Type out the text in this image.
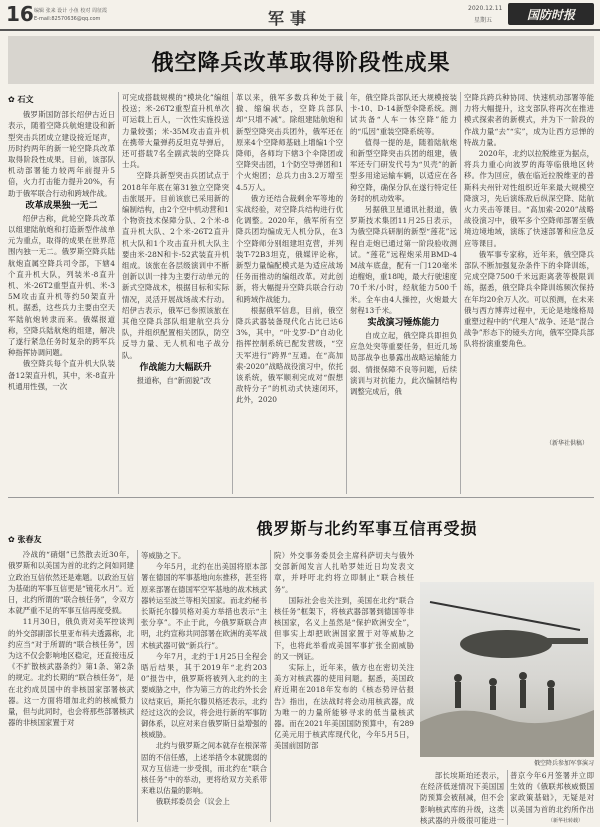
16 编辑 张来 设计 小鱼 校对 周征霞
E-mail:82570636@qq.com	军事
2020.12.11
星期五	国防时报
俄空降兵改革取得阶段性成果
✿ 石文

俄罗斯国防部长绍伊古近日表示，随着空降兵航炮建设和新型突击兵团成立建设接近尾声，历时约两年的新一轮空降兵改革取得阶段性成果。目前，该部队机动部署能力较两年前提升5倍，火力打击能力提升20%，有助于俄军联合行动和跨域作战。

改革成果独一无二

绍伊古称，此轮空降兵改革以组建陆航炮和打造新型作战单元为重点，取得的成果在世界范围内独一无二。俄罗斯空降兵陆航炮直属空降兵司令部，下辖4个直升机大队，列装米-8直升机、米-26T2重型直升机、米-35M攻击直升机等约50架直升机。据悉，这些兵力主要由空天军陆航炮转隶而来。俄媒报道称，空降兵陆航炮的组建，解决了遂行紧急任务时复杂的跨军兵种指挥协调问题。

俄空降兵每个直升机大队装备12架直升机，其中，米-8直升机通用性强，一次

可完成搭载规模的“模块化”编组投送；米-26T2重型直升机单次可运载上百人，一次性实施投送力量较强；米-35M攻击直升机在携带大量弹药反坦克导弹后，还可搭载7名全副武装的空降兵士兵。

空降兵新型突击兵团试点于2018年年底在第31独立空降突击旅展开。目前该旅已采用新的编制结构，由2个空中机动营和1个物资技术保障分队、2个米-8直升机大队、2个米-26T2直升机大队和1个攻击直升机大队主要由米-28N和卡-52武装直升机组成。该旅在各层级演训中不断创新以训一排为主要行动单元的新式空降战术，根据目标和实际情况，灵活开展战场战术行动。绍伊古表示，俄军已参照该旅在其他空降兵部队组建航空兵分队，并组织配置相关团队，防空反导力量、无人机和电子战分队。

作战能力大幅跃升

报道称，自“新面貌”改

革以来，俄军多数兵种处于裁撤、缩编状态，空降兵部队却“只增不减”。除组建陆航炮和新型空降突击兵团外，俄军还在原来4个空降师基础上增编1个空降师，各师均下辖3个伞降团或空降突击团，1个防空导弹团和1个火炮团；总兵力由3.2万增至4.5万人。

俄方还结合裁剩余军等地的实战经验，对空降兵结构进行优化调整。2020年，俄军所有空降兵团均编成无人机分队，在3个空降师分别组建坦克营，并列装T-72B3坦克，俄媒评论称，新型力量编配模式是为适应战场任务而推动的编组改革。对此创新，将大幅提升空降兵联合行动和跨域作战能力。

根据俄军信息，目前，俄空降兵武器装备现代化占比已达63%，其中，“叶戈罗-D”自动化指挥控制系统已配发营级，“空天军进行”跨界“互通。在“高加索-2020”战略战役演习中，依托该系统，俄军顺利完成对“假想敌特分子”的机动式快速闭环，此外，2020

年，俄空降兵部队还大规模接装卡-10、D-14新型伞降系统。测试共备“人车一体空降”能力的“瓜因”重装空降系统等。

值得一提的是，随着陆航炮和新型空降突击兵团的组建，俄军还专门研发代号为“贝壳”的新型多用途运输车辆，以适应在各种空降，确保分队在遂行特定任务时的机动效率。

另据俄卫星通讯社报道，俄罗斯技术集团11月25日表示，为俄空降兵研制的新型“莲花”远程自走炮已通过第一阶段验收测试。“莲花”远程炮采用BMD-4M战车底盘，配有一门120毫米迫榴炮，重18吨，最大行驶速度70千米/小时，经航能力500千米。全车由4人操控，火炮最大射程13千米。

实战演习锤炼能力

自成立起，俄空降兵即担负应急处突等重要任务，但近几场局部战争也暴露出战略运输能力弱、情报保障不良等问题，后续演训与对抗能力，此次编制结构调整完成后，俄

空降兵跨兵种协同、快速机动部署等能力将大幅提升，这支部队将再次在推进模式探索者的新模式，并为下一阶段的作战力量“去”“实”，成为让西方忌惮的特战力量。

2020年，北约以拉脱维亚为据点，将兵力重心向波罗的海等临俄地区转移。作为回应，俄在临近拉脱维亚的普斯科夫州针对性组织近年来最大规模空降演习，先后演练敌后纵深空降、陆航火力夹击等课目。“高加索-2020”战略战役演习中，俄军多个空降师部署至俄境边境地域，演练了快速部署和应急反应等课目。

俄军事专家称，近年来，俄空降兵部队不断加强复杂条件下的伞降训练，完成空降7500千米远距离袭等极限训练，据悉，俄空降兵伞降训练频次保持在年均20余万人次。可以预测，在未来俄与西方博弈过程中，无论是地缘格局重塑过程中的“代理人”战争、还是“混合战争”形态下的镜头方向，俄军空降兵部队将扮演重要角色。

（新华社供稿）
俄罗斯与北约军事互信再受损
✿ 张春友

冷战的“硝烟”已然散去近30年，俄罗斯和以美国为首的北约之间如同建立政治互信依然还是难题。以政治互信为基础的军事互信更是“镜花水月”。近日，北约所谓的“联合核任务”，令双方本就严重不足的军事互信再度受损。

11月30日，俄负责对美军控谈判的外交部副部长里亚布科夫透露称，北约应当“对于所谓的“联合核任务”，因为这不仅会影响地区稳定，还直接违反《不扩散核武器条约》第1条、第2条的规定。北约长期的“联合核任务”，是在北约成员国中的非核国家部署核武器。这一方面将增加北约的核威慑力量，但与此同时，也会将那些部署核武器的非核国家置于对

等威胁之下。

今年5月，北约在出美国将原本部署在德国的军事基地向东推移，甚至将原来部署在德国军空军基地的战术核武器转运至波兰等相关国家。而北约秘书长斯托尔滕贝格对美方举措也表示“主张分享”。不止于此，今俄罗斯联合声明，北约宣称共同部署在欧洲的美军战术核武器可做“新兵行”。

今年7月，北约于1月25日全程会晤后结果，其于2019年“北约2030”报告中，俄罗斯将被列入北约的主要威胁之中，作为第三方的北约外长会议结束后，斯托尔滕贝格还表示，北约经过这次的会议，将会进行新的军事防御体系，以应对来自俄罗斯日益增强的核威胁。

北约与俄罗斯之间本就存在根深蒂固的不信任感，上述举措令本就脆弱的双方互信进一步受损，而北约在“联合核任务”中的举动，更将给双方关系带来难以估量的影响。

俄联邦委员会（议会上

院）外交事务委员会主席科萨切夫与俄外交部新闻发言人扎哈罗娃近日均发表文章，并呼吁北约将立即制止“联合核任务”。

国际社会也关注到，美国在北约“联合核任务”框架下，将核武器部署到德国等非核国家，名义上虽然是“保护欧洲安全”，但事实上却把欧洲国家置于对等威胁之下，也将此举看成美国军事扩张全面威胁的又一例证。

实际上，近年来，俄方也在密切关注美方对核武器的使用问题。据悉，美国政府近期在2018年发布的《核态势评估报告》指出，在法战时将会动用核武器，成为唯一的力量所能够寻求的低当量核武器。而在2021年美国国防预算中，有289亿美元用于核武库现代化，今年5月5日，美国前国防部

俄空降兵参加军事演习

部长埃斯珀还表示，在经济低迷情况下美国国防预算会被削减，但不会影响核武库的升级，这类核武器的升级很可能进一

普京今年6月签署并立即生效的《俄联邦核威慑国家政策基础》，无疑是对以美国为首的北约所作出

（新华社转载）
